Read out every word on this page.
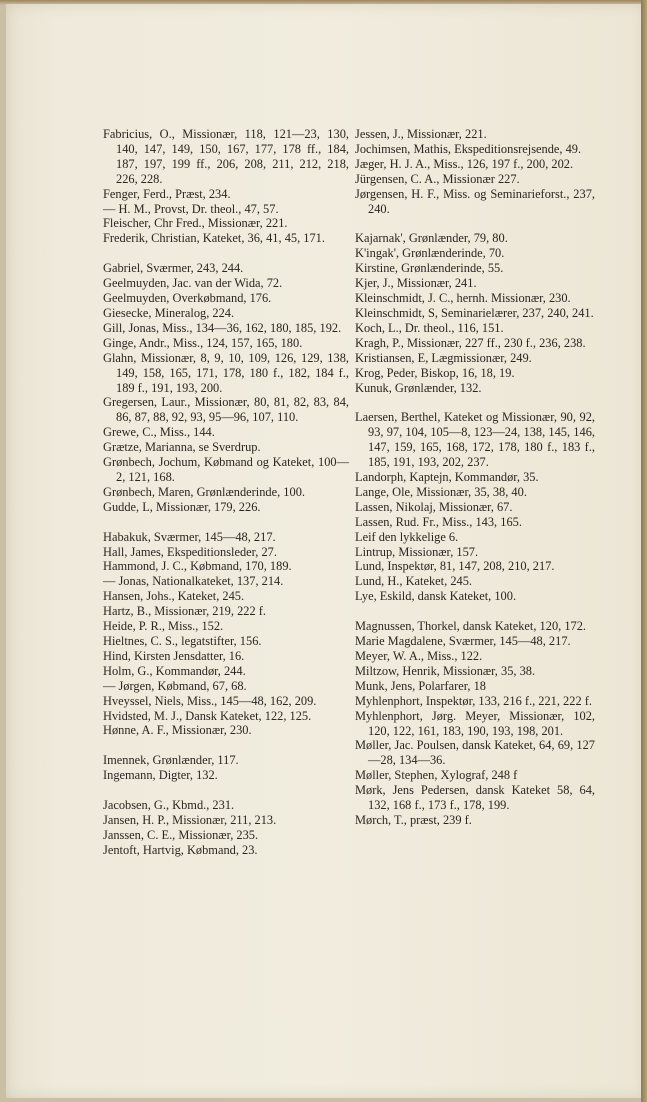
Fabricius, O., Missionær, 118, 121—23, 130, 140, 147, 149, 150, 167, 177, 178 ff., 184, 187, 197, 199 ff., 206, 208, 211, 212, 218, 226, 228.

Fenger, Ferd., Præst, 234.

— H. M., Provst, Dr. theol., 47, 57.

Fleischer, Chr Fred., Missionær, 221.

Frederik, Christian, Kateket, 36, 41, 45, 171.

Gabriel, Sværmer, 243, 244.

Geelmuyden, Jac. van der Wida, 72.

Geelmuyden, Overkøbmand, 176.

Giesecke, Mineralog, 224.

Gill, Jonas, Miss., 134—36, 162, 180, 185, 192.

Ginge, Andr., Miss., 124, 157, 165, 180.

Glahn, Missionær, 8, 9, 10, 109, 126, 129, 138, 149, 158, 165, 171, 178, 180 f., 182, 184 f., 189 f., 191, 193, 200.

Gregersen, Laur., Missionær, 80, 81, 82, 83, 84, 86, 87, 88, 92, 93, 95—96, 107, 110.

Grewe, C., Miss., 144.

Grætze, Marianna, se Sverdrup.

Grønbech, Jochum, Købmand og Kateket, 100—2, 121, 168.

Grønbech, Maren, Grønlænderinde, 100.

Gudde, L, Missionær, 179, 226.

Habakuk, Sværmer, 145—48, 217.

Hall, James, Ekspeditionsleder, 27.

Hammond, J. C., Købmand, 170, 189.

— Jonas, Nationalkateket, 137, 214.

Hansen, Johs., Kateket, 245.

Hartz, B., Missionær, 219, 222 f.

Heide, P. R., Miss., 152.

Hieltnes, C. S., legatstifter, 156.

Hind, Kirsten Jensdatter, 16.

Holm, G., Kommandør, 244.

— Jørgen, Købmand, 67, 68.

Hveyssel, Niels, Miss., 145—48, 162, 209.

Hvidsted, M. J., Dansk Kateket, 122, 125.

Hønne, A. F., Missionær, 230.

Imennek, Grønlænder, 117.

Ingemann, Digter, 132.

Jacobsen, G., Kbmd., 231.

Jansen, H. P., Missionær, 211, 213.

Janssen, C. E., Missionær, 235.

Jentoft, Hartvig, Købmand, 23.

Jessen, J., Missionær, 221.

Jochimsen, Mathis, Ekspeditionsrejsende, 49.

Jæger, H. J. A., Miss., 126, 197 f., 200, 202.

Jürgensen, C. A., Missionær 227.

Jørgensen, H. F., Miss. og Seminarieforst., 237, 240.

Kajarnak', Grønlænder, 79, 80.

K'ingak', Grønlænderinde, 70.

Kirstine, Grønlænderinde, 55.

Kjer, J., Missionær, 241.

Kleinschmidt, J. C., hernh. Missionær, 230.

Kleinschmidt, S, Seminarielærer, 237, 240, 241.

Koch, L., Dr. theol., 116, 151.

Kragh, P., Missionær, 227 ff., 230 f., 236, 238.

Kristiansen, E, Lægmissionær, 249.

Krog, Peder, Biskop, 16, 18, 19.

Kunuk, Grønlænder, 132.

Laersen, Berthel, Kateket og Missionær, 90, 92, 93, 97, 104, 105—8, 123—24, 138, 145, 146, 147, 159, 165, 168, 172, 178, 180 f., 183 f., 185, 191, 193, 202, 237.

Landorph, Kaptejn, Kommandør, 35.

Lange, Ole, Missionær, 35, 38, 40.

Lassen, Nikolaj, Missionær, 67.

Lassen, Rud. Fr., Miss., 143, 165.

Leif den lykkelige 6.

Lintrup, Missionær, 157.

Lund, Inspektør, 81, 147, 208, 210, 217.

Lund, H., Kateket, 245.

Lye, Eskild, dansk Kateket, 100.

Magnussen, Thorkel, dansk Kateket, 120, 172.

Marie Magdalene, Sværmer, 145—48, 217.

Meyer, W. A., Miss., 122.

Miltzow, Henrik, Missionær, 35, 38.

Munk, Jens, Polarfarer, 18

Myhlenphort, Inspektør, 133, 216 f., 221, 222 f.

Myhlenphort, Jørg. Meyer, Missionær, 102, 120, 122, 161, 183, 190, 193, 198, 201.

Møller, Jac. Poulsen, dansk Kateket, 64, 69, 127—28, 134—36.

Møller, Stephen, Xylograf, 248 f

Mørk, Jens Pedersen, dansk Kateket 58, 64, 132, 168 f., 173 f., 178, 199.

Mørch, T., præst, 239 f.
